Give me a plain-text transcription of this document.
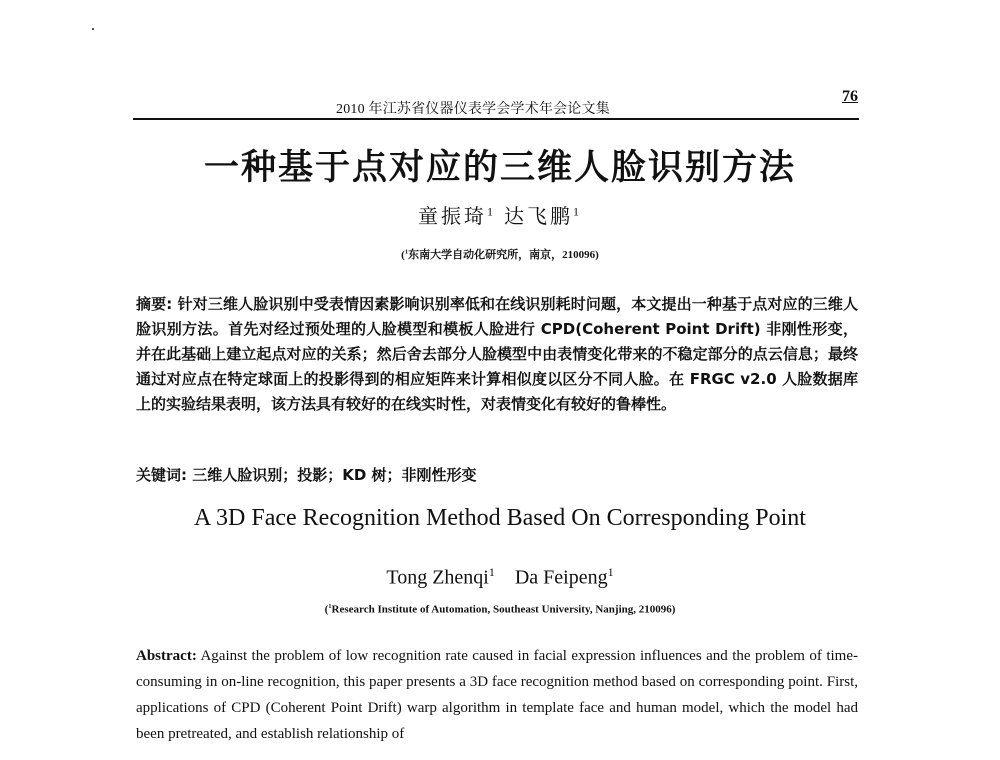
2010 年江苏省仪器仪表学会学术年会论文集
76
一种基于点对应的三维人脸识别方法
童振琦$^1$ 达飞鹏$^1$
($^1$东南大学自动化研究所，南京，210096)
摘要: 针对三维人脸识别中受表情因素影响识别率低和在线识别耗时问题，本文提出一种基于点对应的三维人脸识别方法。首先对经过预处理的人脸模型和模板人脸进行 CPD(Coherent Point Drift) 非刚性形变，并在此基础上建立起点对应的关系；然后舍去部分人脸模型中由表情变化带来的不稳定部分的点云信息；最终通过对应点在特定球面上的投影得到的相应矩阵来计算相似度以区分不同人脸。在 FRGC v2.0 人脸数据库上的实验结果表明，该方法具有较好的在线实时性，对表情变化有较好的鲁棒性。
关键词: 三维人脸识别；投影；KD 树；非刚性形变
A 3D Face Recognition Method Based On Corresponding Point
Tong Zhenqi$^1$ Da Feipeng$^1$
($^1$Research Institute of Automation, Southeast University, Nanjing, 210096)
Abstract: Against the problem of low recognition rate caused in facial expression influences and the problem of time-consuming in on-line recognition, this paper presents a 3D face recognition method based on corresponding point. First, applications of CPD (Coherent Point Drift) warp algorithm in template face and human model, which the model had been pretreated, and establish relationship of
